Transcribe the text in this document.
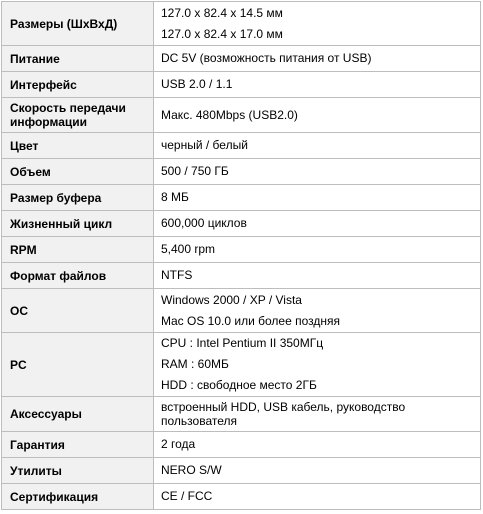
Размеры (ШхВхД)	127.0 x 82.4 x 14.5 мм
127.0 x 82.4 x 17.0 мм

Питание	DC 5V (возможность питания от USB)

Интерфейс	USB 2.0 / 1.1

Скорость передачи информации	Макс. 480Mbps (USB2.0)

Цвет	черный / белый

Объем	500 / 750 ГБ

Размер буфера	8 МБ

Жизненный цикл	600,000 циклов

RPM	5,400 rpm

Формат файлов	NTFS

ОС	Windows 2000 / XP / Vista
Mac OS 10.0 или более поздняя

PC	CPU : Intel Pentium II 350МГц
RAM : 60МБ
HDD : свободное место 2ГБ

Аксессуары	встроенный HDD, USB кабель, руководство пользователя

Гарантия	2 года

Утилиты	NERO S/W

Сертификация	CE / FCC
